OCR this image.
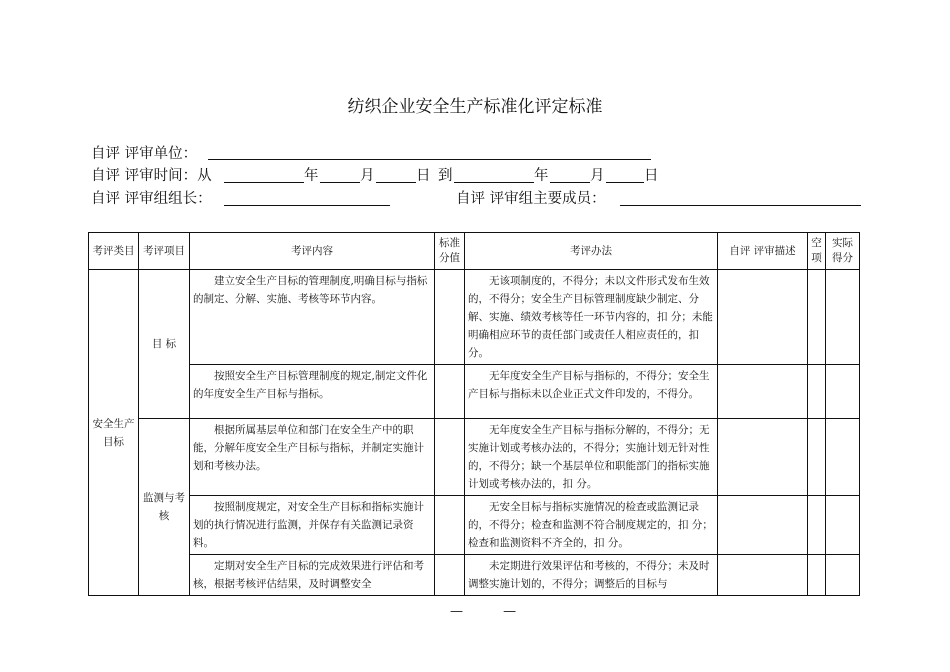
纺织企业安全生产标准化评定标准
自评 评审单位：
自评 评审时间：从	年	月	日 到	年	月	日
自评 评审组组长：	自评 评审组主要成员：
考评类目	考评项目	考评内容	标准分值	考评办法	自评 评审描述	空项	实际得分
安全生产目标	目 标	建立安全生产目标的管理制度,明确目标与指标的制定、分解、实施、考核等环节内容。		无该项制度的，不得分；未以文件形式发布生效的，不得分；安全生产目标管理制度缺少制定、分解、实施、绩效考核等任一环节内容的，扣 分；未能明确相应环节的责任部门或责任人相应责任的，扣 分。			
		按照安全生产目标管理制度的规定,制定文件化的年度安全生产目标与指标。		无年度安全生产目标与指标的，不得分；安全生产目标与指标未以企业正式文件印发的，不得分。			
	监测与考核	根据所属基层单位和部门在安全生产中的职能，分解年度安全生产目标与指标，并制定实施计划和考核办法。		无年度安全生产目标与指标分解的，不得分；无实施计划或考核办法的，不得分；实施计划无针对性的，不得分；缺一个基层单位和职能部门的指标实施计划或考核办法的，扣 分。			
		按照制度规定，对安全生产目标和指标实施计划的执行情况进行监测，并保存有关监测记录资料。		无安全目标与指标实施情况的检查或监测记录的，不得分；检查和监测不符合制度规定的，扣 分；检查和监测资料不齐全的，扣 分。			
		定期对安全生产目标的完成效果进行评估和考核，根据考核评估结果，及时调整安全		未定期进行效果评估和考核的，不得分；未及时调整实施计划的，不得分；调整后的目标与			
— —
